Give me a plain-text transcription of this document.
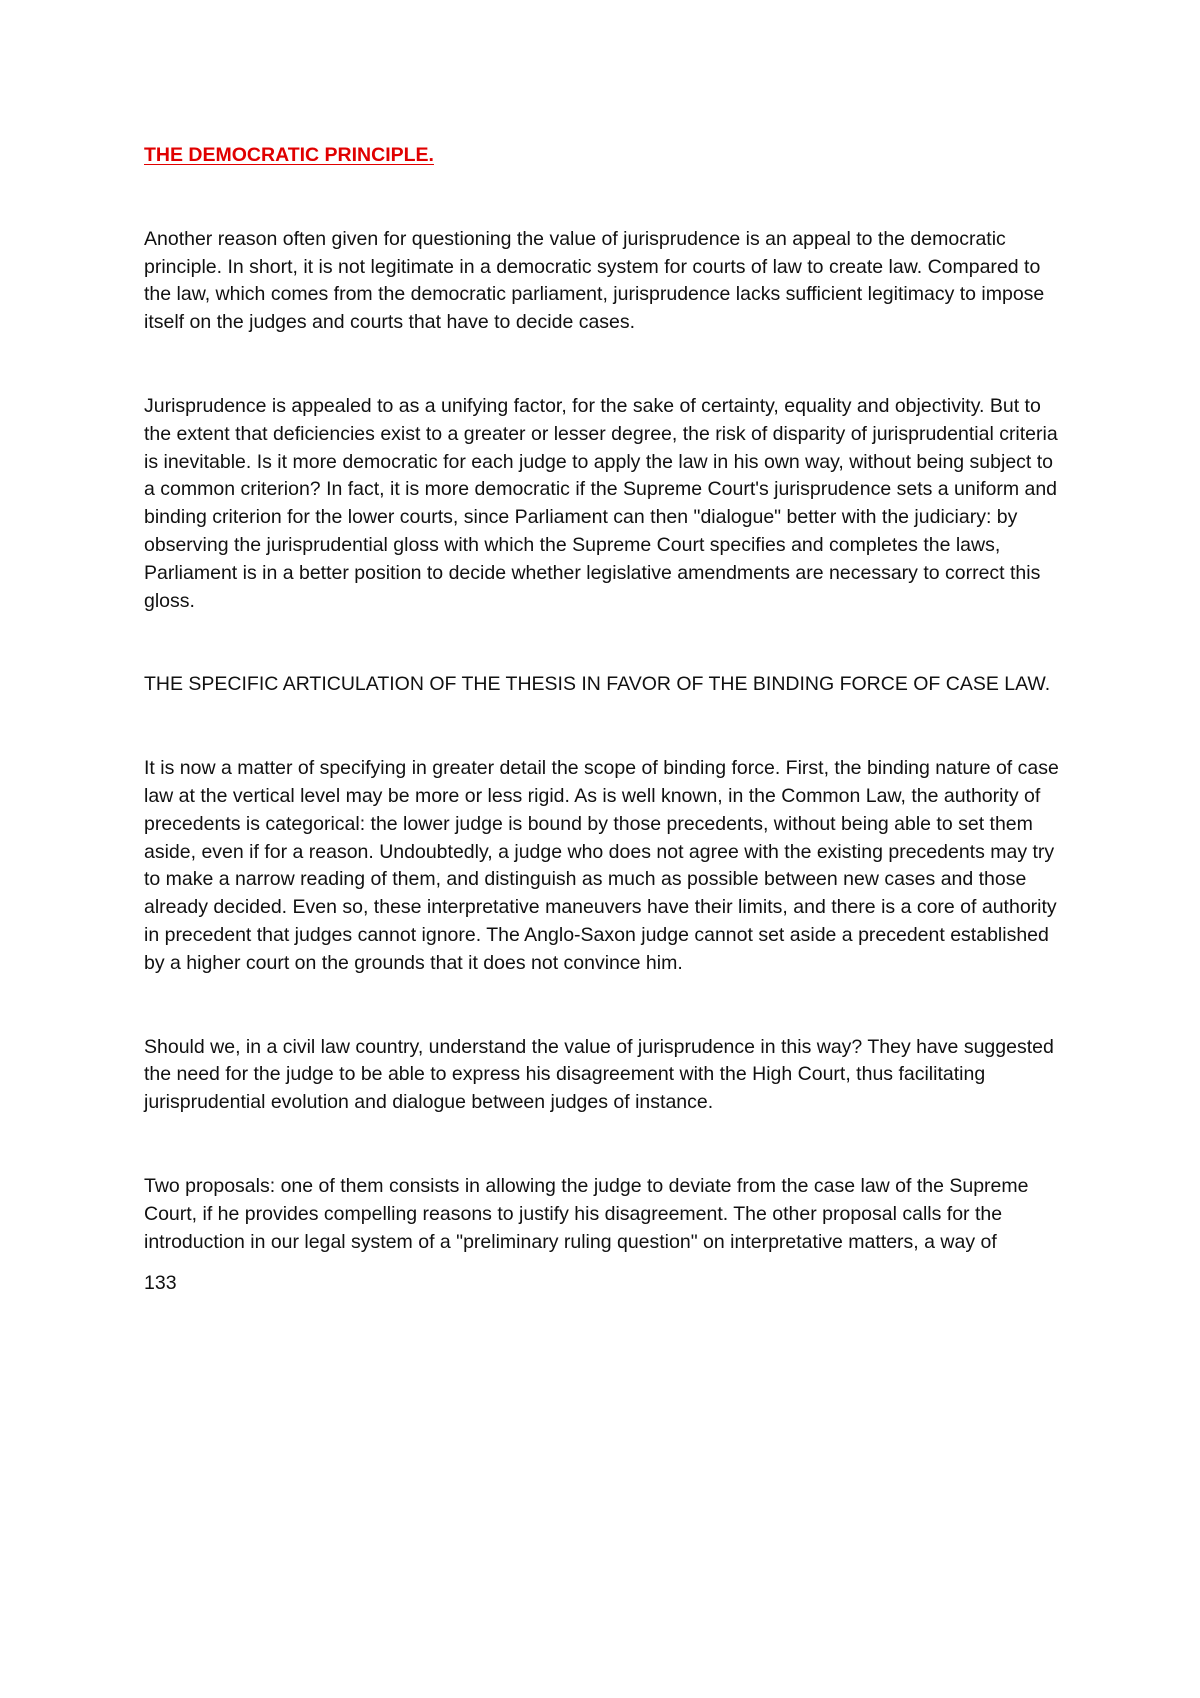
THE DEMOCRATIC PRINCIPLE.

Another reason often given for questioning the value of jurisprudence is an appeal to the democratic principle. In short, it is not legitimate in a democratic system for courts of law to create law. Compared to the law, which comes from the democratic parliament, jurisprudence lacks sufficient legitimacy to impose itself on the judges and courts that have to decide cases.

Jurisprudence is appealed to as a unifying factor, for the sake of certainty, equality and objectivity. But to the extent that deficiencies exist to a greater or lesser degree, the risk of disparity of jurisprudential criteria is inevitable. Is it more democratic for each judge to apply the law in his own way, without being subject to a common criterion? In fact, it is more democratic if the Supreme Court's jurisprudence sets a uniform and binding criterion for the lower courts, since Parliament can then "dialogue" better with the judiciary: by observing the jurisprudential gloss with which the Supreme Court specifies and completes the laws, Parliament is in a better position to decide whether legislative amendments are necessary to correct this gloss.

THE SPECIFIC ARTICULATION OF THE THESIS IN FAVOR OF THE BINDING FORCE OF CASE LAW.

It is now a matter of specifying in greater detail the scope of binding force. First, the binding nature of case law at the vertical level may be more or less rigid. As is well known, in the Common Law, the authority of precedents is categorical: the lower judge is bound by those precedents, without being able to set them aside, even if for a reason. Undoubtedly, a judge who does not agree with the existing precedents may try to make a narrow reading of them, and distinguish as much as possible between new cases and those already decided. Even so, these interpretative maneuvers have their limits, and there is a core of authority in precedent that judges cannot ignore. The Anglo-Saxon judge cannot set aside a precedent established by a higher court on the grounds that it does not convince him.

Should we, in a civil law country, understand the value of jurisprudence in this way? They have suggested the need for the judge to be able to express his disagreement with the High Court, thus facilitating jurisprudential evolution and dialogue between judges of instance.

Two proposals: one of them consists in allowing the judge to deviate from the case law of the Supreme Court, if he provides compelling reasons to justify his disagreement. The other proposal calls for the introduction in our legal system of a "preliminary ruling question" on interpretative matters, a way of

133
